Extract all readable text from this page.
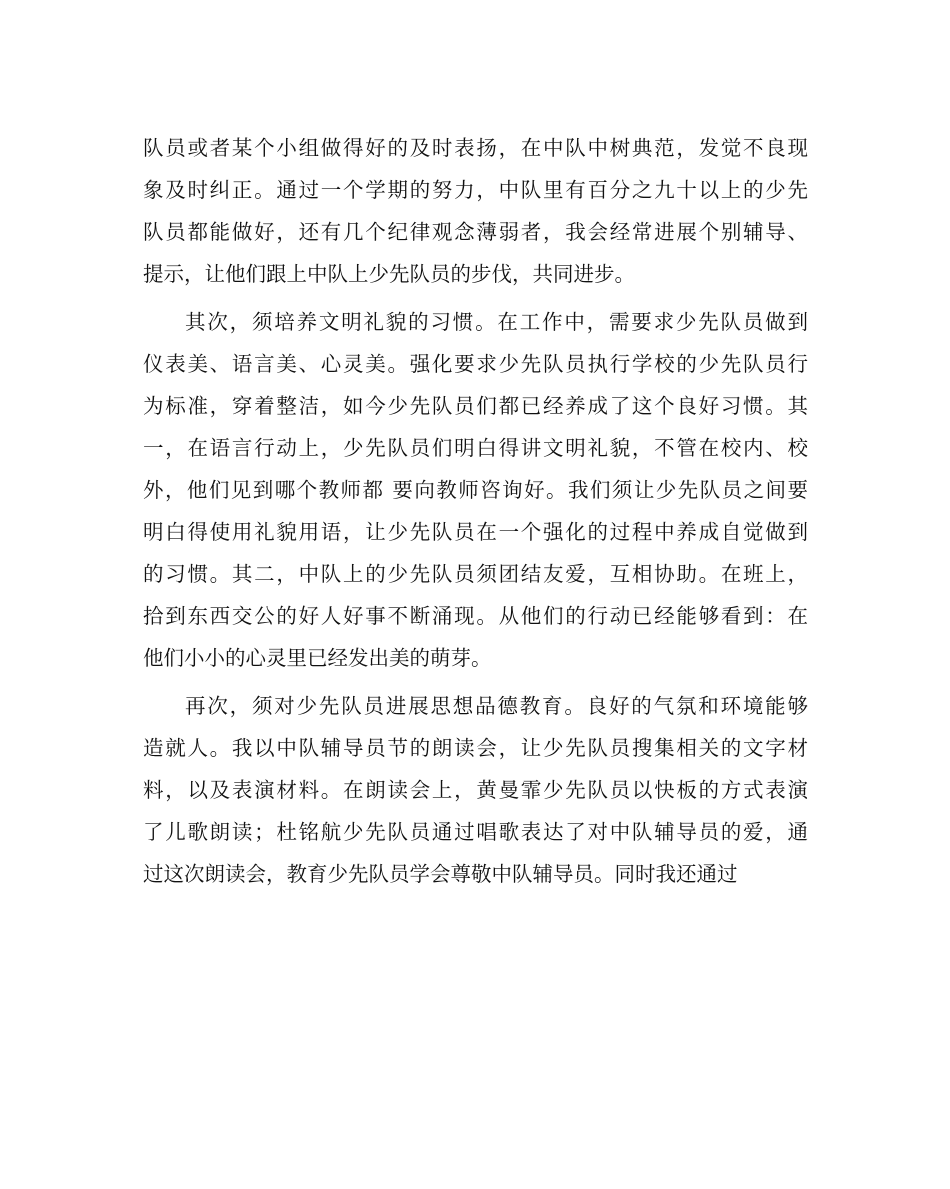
队员或者某个小组做得好的及时表扬，在中队中树典范，发觉不良现
象及时纠正。通过一个学期的努力，中队里有百分之九十以上的少先
队员都能做好，还有几个纪律观念薄弱者，我会经常进展个别辅导、
提示，让他们跟上中队上少先队员的步伐，共同进步。
其次，须培养文明礼貌的习惯。在工作中，需要求少先队员做到
仪表美、语言美、心灵美。强化要求少先队员执行学校的少先队员行
为标准，穿着整洁，如今少先队员们都已经养成了这个良好习惯。其
一，在语言行动上，少先队员们明白得讲文明礼貌，不管在校内、校
外，他们见到哪个教师都 要向教师咨询好。我们须让少先队员之间要
明白得使用礼貌用语，让少先队员在一个强化的过程中养成自觉做到
的习惯。其二，中队上的少先队员须团结友爱，互相协助。在班上，
拾到东西交公的好人好事不断涌现。从他们的行动已经能够看到：在
他们小小的心灵里已经发出美的萌芽。
再次，须对少先队员进展思想品德教育。良好的气氛和环境能够
造就人。我以中队辅导员节的朗读会，让少先队员搜集相关的文字材
料，以及表演材料。在朗读会上，黄曼霏少先队员以快板的方式表演
了儿歌朗读；杜铭航少先队员通过唱歌表达了对中队辅导员的爱，通
过这次朗读会，教育少先队员学会尊敬中队辅导员。同时我还通过
